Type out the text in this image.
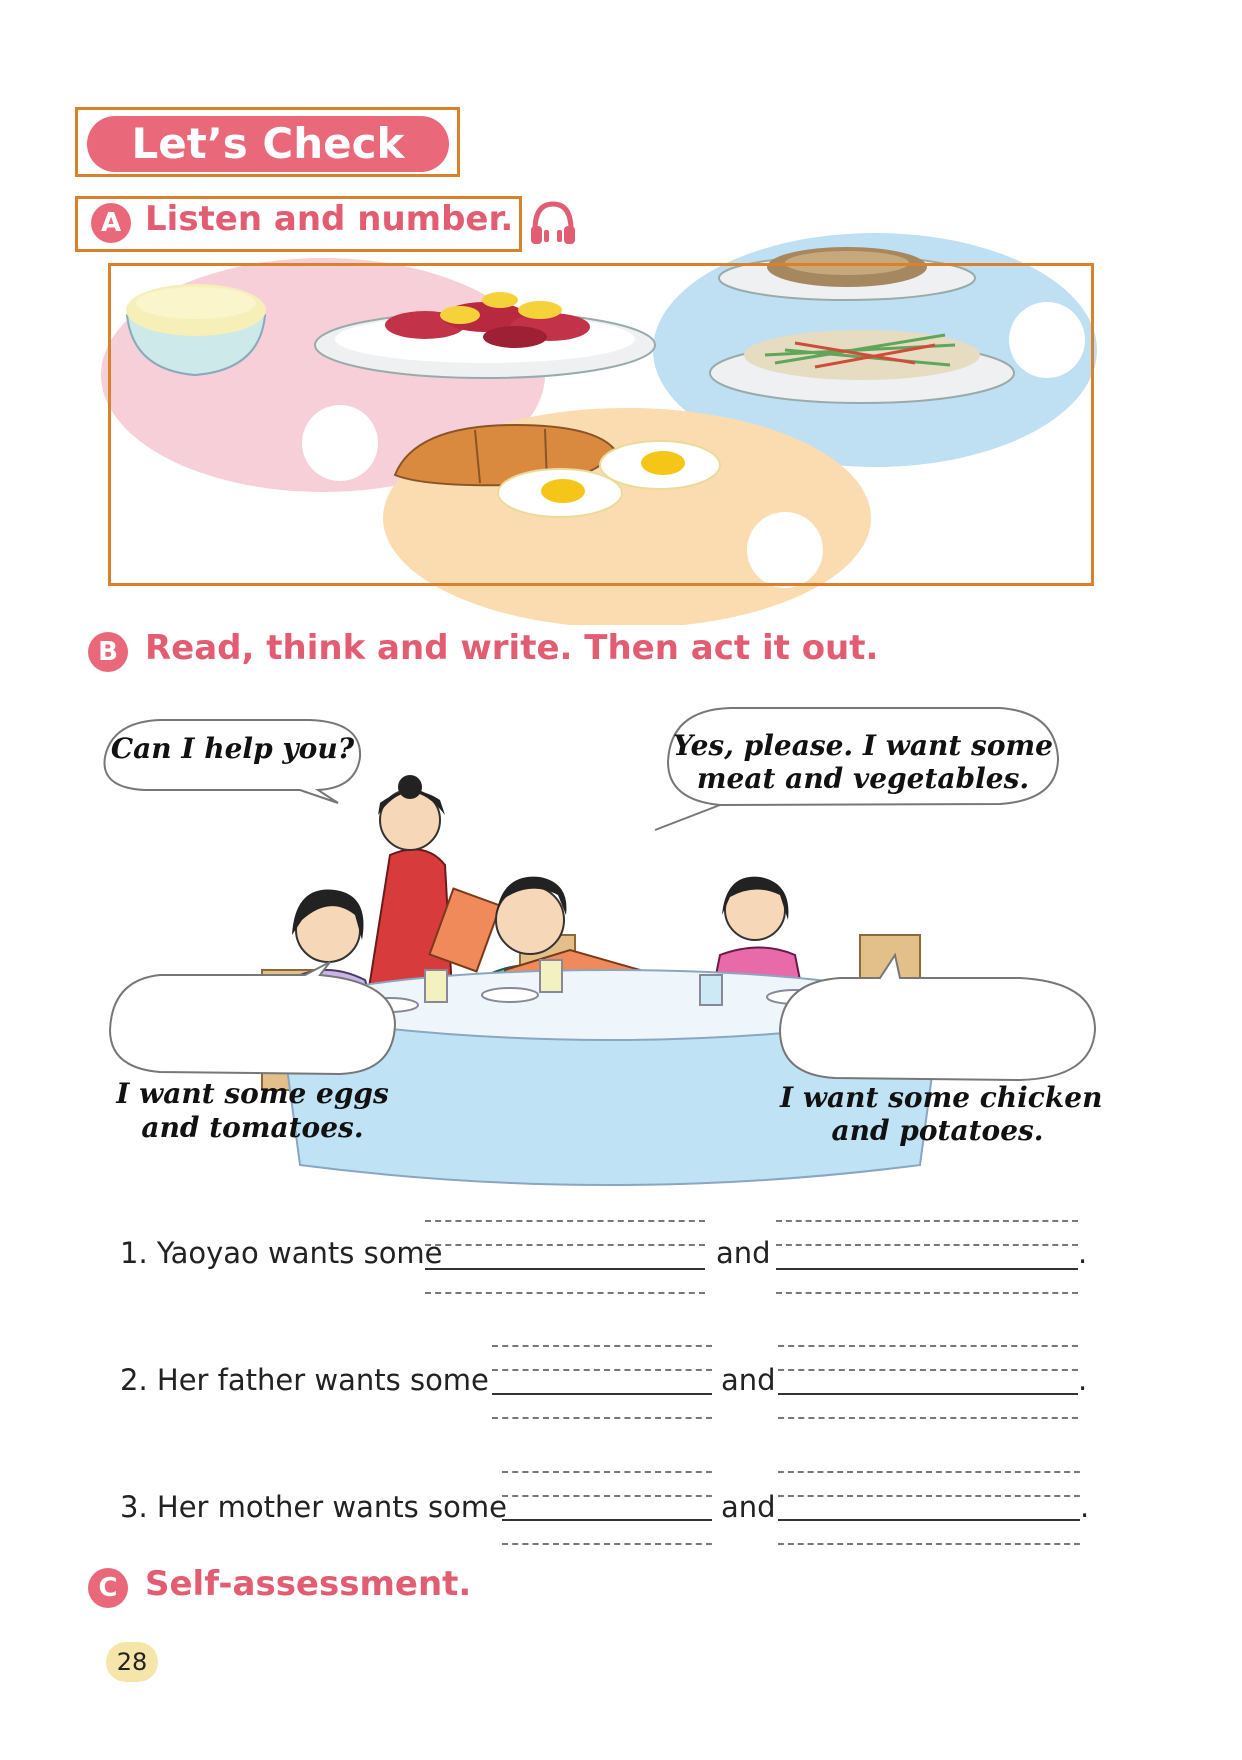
Let’s Check
A Listen and number.
B Read, think and write. Then act it out.
Can I help you?	Yes, please. I want some
meat and vegetables.
I want some eggs
and tomatoes.
I want some chicken
and potatoes.
1. Yaoyao wants some	and	.
2. Her father wants some	and	.
3. Her mother wants some	and	.
C Self-assessment.
28
